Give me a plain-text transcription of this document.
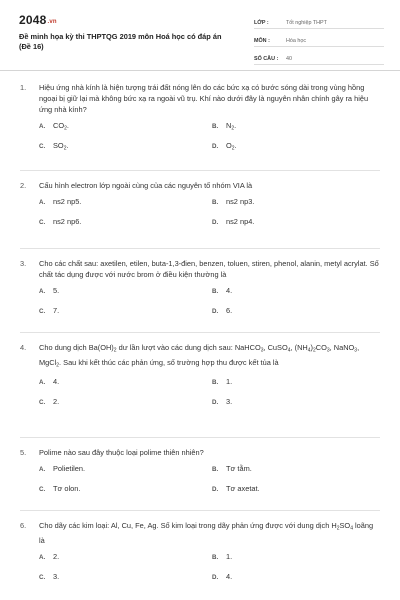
2048.vn
Đề minh họa kỳ thi THPTQG 2019 môn Hoá học có đáp án (Đề 16)
LỚP :	Tốt nghiệp THPT
MÔN :	Hóa học
SỐ CÂU :	40
1.	Hiệu ứng nhà kính là hiện tượng trái đất nóng lên do các bức xạ có bước sóng dài trong vùng hồng ngoại bị giữ lại mà không bức xạ ra ngoài vũ trụ. Khí nào dưới đây là nguyên nhân chính gây ra hiệu ứng nhà kính?
A. $CO_2$.	B. $N_2$.
C. $SO_2$.	D. $O_2$.
2.	Cấu hình electron lớp ngoài cùng của các nguyên tố nhóm VIA là
A. ns2 np5.	B. ns2 np3.
C. ns2 np6.	D. ns2 np4.
3.	Cho các chất sau: axetilen, etilen, buta-1,3-đien, benzen, toluen, stiren, phenol, alanin, metyl acrylat. Số chất tác dụng được với nước brom ở điều kiện thường là
A. 5.	B. 4.
C. 7.	D. 6.
4.	Cho dung dịch $Ba(OH)_2$ dư lần lượt vào các dung dịch sau: NaHCO$_3$, CuSO$_4$, $(NH_4)_2CO_3$, NaNO$_3$, MgCl$_2$. Sau khi kết thúc các phản ứng, số trường hợp thu được kết tủa là
A. 4.	B. 1.
C. 2.	D. 3.
5.	Polime nào sau đây thuộc loại polime thiên nhiên?
A. Polietilen.	B. Tơ tằm.
C. Tơ olon.	D. Tơ axetat.
6.	Cho dãy các kim loại: Al, Cu, Fe, Ag. Số kim loại trong dãy phản ứng được với dung dịch $H_2SO_4$ loãng là
A. 2.	B. 1.
C. 3.	D. 4.
